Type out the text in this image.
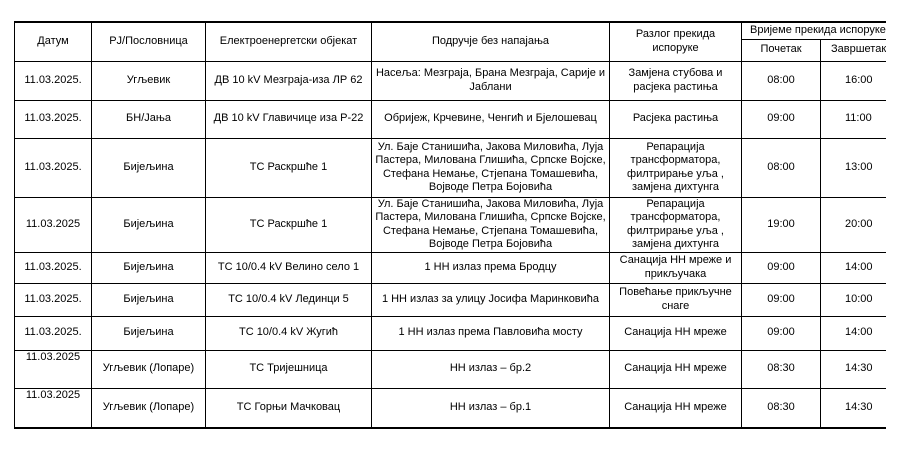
Датум	РЈ/Пословница	Електроенергетски објекат	Подручје без напајања	Разлог прекида испоруке	Вријеме прекида испоруке	
					Почетак	Завршетак
11.03.2025.	Угљевик	ДВ 10 kV Мезграја-иза ЛР 62	Насеља: Мезграја, Брана Мезграја, Сарије и Јаблани	Замјена стубова и расјека растиња	08:00	16:00
11.03.2025.	БН/Јања	ДВ 10 kV Главичице иза Р-22	Обриjеж, Крчевине, Ченгић и Бјелошевац	Расјека растиња	09:00	11:00
11.03.2025.	Бијељина	ТС Раскршће 1	Ул. Баје Станишића, Јакова Миловића, Луја Пастера, Милована Глишића, Српске Војске, Стефана Немање, Стјепана Томашевића, Војводе Петра Бојовића	Репарација трансформатора, филтрирање уља , замјена дихтунга	08:00	13:00
11.03.2025	Бијељина	ТС Раскршће 1	Ул. Баје Станишића, Јакова Миловића, Луја Пастера, Милована Глишића, Српске Војске, Стефана Немање, Стјепана Томашевића, Војводе Петра Бојовића	Репарација трансформатора, филтрирање уља , замјена дихтунга	19:00	20:00
11.03.2025.	Бијељина	ТС 10/0.4 kV Велино село 1	1 НН излаз према Бродцу	Санација НН мреже и прикључака	09:00	14:00
11.03.2025.	Бијељина	ТС 10/0.4 kV Лединци 5	1 НН излаз за улицу Јосифа Маринковића	Повећање прикључне снаге	09:00	10:00
11.03.2025.	Бијељина	ТС 10/0.4 kV Жугић	1 НН излаз према Павловића мосту	Санација НН мреже	09:00	14:00
11.03.2025	Угљевик (Лопаре)	ТС Тријешница	НН излаз – бр.2	Санација НН мреже	08:30	14:30
11.03.2025	Угљевик (Лопаре)	ТС Горњи Мачковац	НН излаз – бр.1	Санација НН мреже	08:30	14:30
